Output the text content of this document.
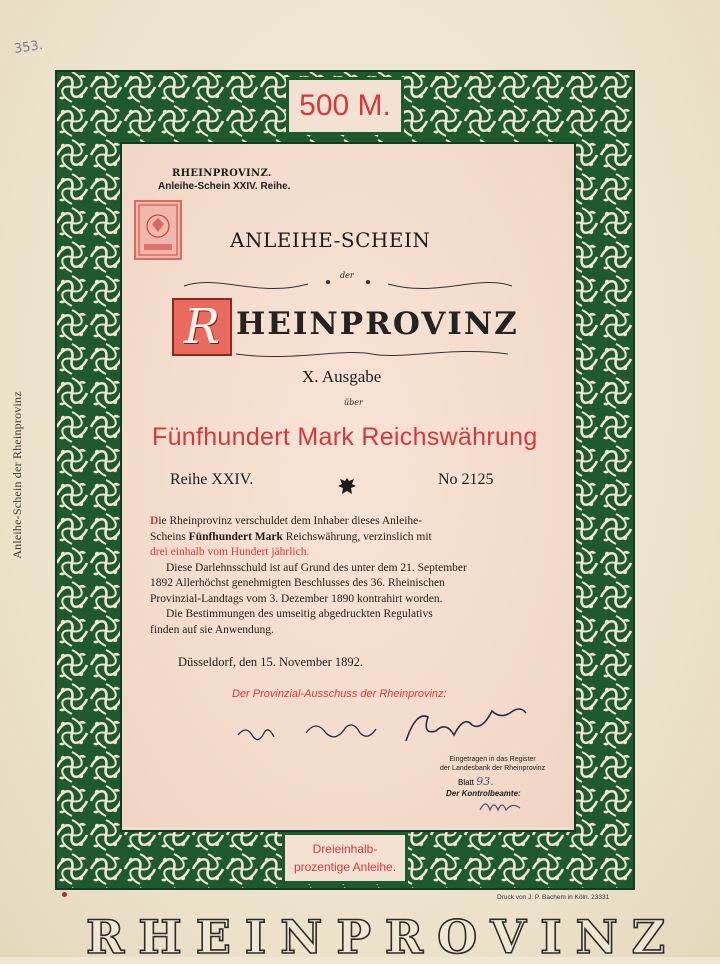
353.
Anleihe-Schein der Rheinprovinz
500 M.
RHEINPROVINZ.
Anleihe-Schein XXIV. Reihe.
ANLEIHE-SCHEIN
der
R HEINPROVINZ
X. Ausgabe
über
Fünfhundert Mark Reichswährung
Reihe XXIV.	No 2125
Die Rheinprovinz verschuldet dem Inhaber dieses Anleihe-
Scheins Fünfhundert Mark Reichswährung, verzinslich mit
drei einhalb vom Hundert jährlich.
Diese Darlehnsschuld ist auf Grund des unter dem 21. September
1892 Allerhöchst genehmigten Beschlusses des 36. Rheinischen
Provinzial-Landtags vom 3. Dezember 1890 kontrahirt worden.
Die Bestimmungen des umseitig abgedruckten Regulativs
finden auf sie Anwendung.
Düsseldorf, den 15. November 1892.
Der Provinzial-Ausschuss der Rheinprovinz:
Eingetragen in das Register
der Landesbank der Rheinprovinz
Blatt 93.
Der Kontrolbeamte:
Dreieinhalb-
prozentige Anleihe.
Druck von J. P. Bachem in Köln. 23331
RHEINPROVINZ
